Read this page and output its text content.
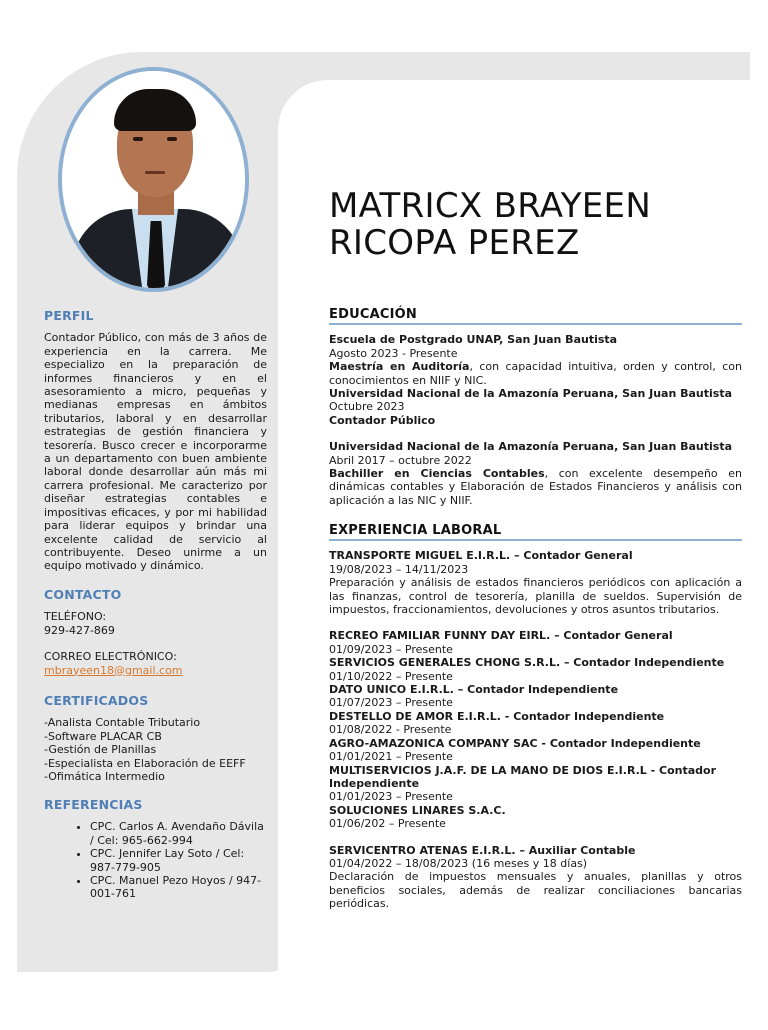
PERFIL
Contador Público, con más de 3 años de experiencia en la carrera. Me especializo en la preparación de informes financieros y en el asesoramiento a micro, pequeñas y medianas empresas en ámbitos tributarios, laboral y en desarrollar estrategias de gestión financiera y tesorería. Busco crecer e incorporarme a un departamento con buen ambiente laboral donde desarrollar aún más mi carrera profesional. Me caracterizo por diseñar estrategias contables e impositivas eficaces, y por mi habilidad para liderar equipos y brindar una excelente calidad de servicio al contribuyente. Deseo unirme a un equipo motivado y dinámico.
CONTACTO
TELÉFONO:
929-427-869
CORREO ELECTRÓNICO:
mbrayeen18@gmail.com
CERTIFICADOS
-Analista Contable Tributario
-Software PLACAR CB
-Gestión de Planillas
-Especialista en Elaboración de EEFF
-Ofimática Intermedio
REFERENCIAS
• CPC. Carlos A. Avendaño Dávila / Cel: 965-662-994
• CPC. Jennifer Lay Soto / Cel: 987-779-905
• CPC. Manuel Pezo Hoyos / 947-001-761
MATRICX BRAYEEN
RICOPA PEREZ
EDUCACIÓN
Escuela de Postgrado UNAP, San Juan Bautista
Agosto 2023 - Presente
Maestría en Auditoría, con capacidad intuitiva, orden y control, con conocimientos en NIIF y NIC.
Universidad Nacional de la Amazonía Peruana, San Juan Bautista
Octubre 2023
Contador Público
Universidad Nacional de la Amazonía Peruana, San Juan Bautista
Abril 2017 – octubre 2022
Bachiller en Ciencias Contables, con excelente desempeño en dinámicas contables y Elaboración de Estados Financieros y análisis con aplicación a las NIC y NIIF.
EXPERIENCIA LABORAL
TRANSPORTE MIGUEL E.I.R.L. – Contador General
19/08/2023 – 14/11/2023
Preparación y análisis de estados financieros periódicos con aplicación a las finanzas, control de tesorería, planilla de sueldos. Supervisión de impuestos, fraccionamientos, devoluciones y otros asuntos tributarios.
RECREO FAMILIAR FUNNY DAY EIRL. – Contador General
01/09/2023 – Presente
SERVICIOS GENERALES CHONG S.R.L. – Contador Independiente
01/10/2022 – Presente
DATO UNICO E.I.R.L. – Contador Independiente
01/07/2023 – Presente
DESTELLO DE AMOR E.I.R.L. - Contador Independiente
01/08/2022 - Presente
AGRO-AMAZONICA COMPANY SAC - Contador Independiente
01/01/2021 – Presente
MULTISERVICIOS J.A.F. DE LA MANO DE DIOS E.I.R.L - Contador Independiente
01/01/2023 – Presente
SOLUCIONES LINARES S.A.C.
01/06/202 – Presente
SERVICENTRO ATENAS E.I.R.L. – Auxiliar Contable
01/04/2022 – 18/08/2023 (16 meses y 18 días)
Declaración de impuestos mensuales y anuales, planillas y otros beneficios sociales, además de realizar conciliaciones bancarias periódicas.
